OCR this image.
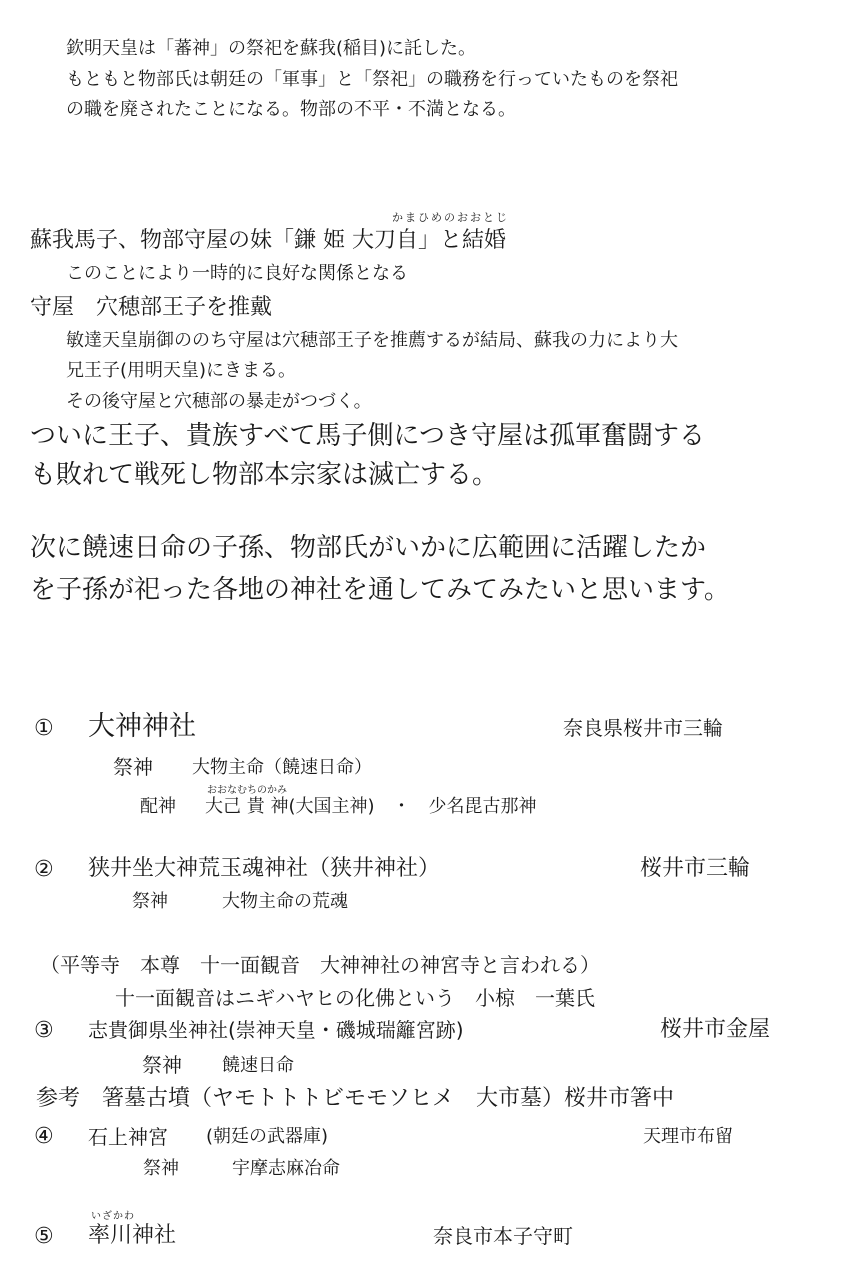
欽明天皇は「蕃神」の祭祀を蘇我(稲目)に託した。
もともと物部氏は朝廷の「軍事」と「祭祀」の職務を行っていたものを祭祀
の職を廃されたことになる。物部の不平・不満となる。
かまひめのおおとじ
蘇我馬子、物部守屋の妹「鎌 姫 大刀自」と結婚
このことにより一時的に良好な関係となる
守屋　穴穂部王子を推戴
敏達天皇崩御ののち守屋は穴穂部王子を推薦するが結局、蘇我の力により大
兄王子(用明天皇)にきまる。
その後守屋と穴穂部の暴走がつづく。
ついに王子、貴族すべて馬子側につき守屋は孤軍奮闘する
も敗れて戦死し物部本宗家は滅亡する。
次に饒速日命の子孫、物部氏がいかに広範囲に活躍したか
を子孫が祀った各地の神社を通してみてみたいと思います。
① 大神神社	奈良県桜井市三輪
祭神 大物主命（饒速日命）
おおなむちのかみ
配神 大己 貴 神(大国主神)　・　少名毘古那神
② 狭井坐大神荒玉魂神社（狭井神社）	桜井市三輪
祭神	大物主命の荒魂
（平等寺　本尊　十一面観音　大神神社の神宮寺と言われる）
十一面観音はニギハヤヒの化佛という　小椋　一葉氏
③ 志貴御県坐神社(崇神天皇・磯城瑞籬宮跡)	桜井市金屋
祭神 饒速日命
参考　箸墓古墳（ヤモトトトビモモソヒメ　大市墓）桜井市箸中
④ 石上神宮 (朝廷の武器庫)	天理市布留
祭神	宇摩志麻冶命
いざかわ
⑤ 率川神社	奈良市本子守町
